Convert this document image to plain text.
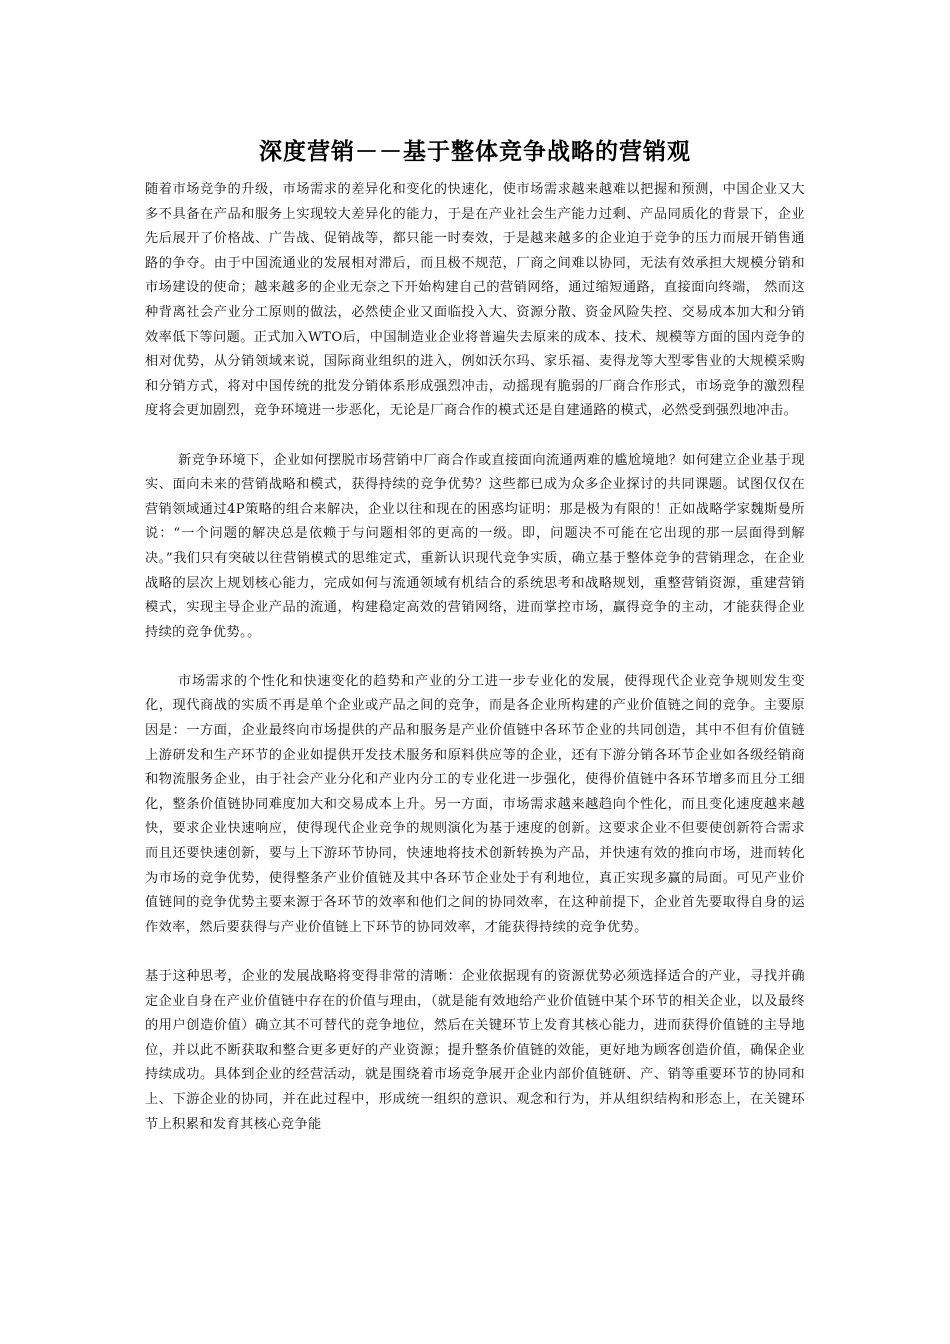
深度营销－－基于整体竞争战略的营销观

随着市场竞争的升级，市场需求的差异化和变化的快速化，使市场需求越来越难以把握和预测，中国企业又大多不具备在产品和服务上实现较大差异化的能力，于是在产业社会生产能力过剩、产品同质化的背景下，企业先后展开了价格战、广告战、促销战等，都只能一时奏效，于是越来越多的企业迫于竞争的压力而展开销售通路的争夺。由于中国流通业的发展相对滞后，而且极不规范，厂商之间难以协同，无法有效承担大规模分销和市场建设的使命；越来越多的企业无奈之下开始构建自己的营销网络，通过缩短通路，直接面向终端， 然而这种背离社会产业分工原则的做法，必然使企业又面临投入大、资源分散、资金风险失控、交易成本加大和分销效率低下等问题。正式加入WTO后，中国制造业企业将普遍失去原来的成本、技术、规模等方面的国内竞争的相对优势，从分销领域来说，国际商业组织的进入，例如沃尔玛、家乐福、麦得龙等大型零售业的大规模采购和分销方式，将对中国传统的批发分销体系形成强烈冲击，动摇现有脆弱的厂商合作形式，市场竞争的激烈程度将会更加剧烈，竞争环境进一步恶化，无论是厂商合作的模式还是自建通路的模式，必然受到强烈地冲击。

新竞争环境下，企业如何摆脱市场营销中厂商合作或直接面向流通两难的尴尬境地？如何建立企业基于现实、面向未来的营销战略和模式，获得持续的竞争优势？这些都已成为众多企业探讨的共同课题。试图仅仅在营销领域通过4P策略的组合来解决，企业以往和现在的困惑均证明：那是极为有限的！正如战略学家魏斯曼所说：“一个问题的解决总是依赖于与问题相邻的更高的一级。即，问题决不可能在它出现的那一层面得到解决。”我们只有突破以往营销模式的思维定式，重新认识现代竞争实质，确立基于整体竞争的营销理念，在企业战略的层次上规划核心能力，完成如何与流通领域有机结合的系统思考和战略规划，重整营销资源，重建营销模式，实现主导企业产品的流通，构建稳定高效的营销网络，进而掌控市场，赢得竞争的主动，才能获得企业持续的竞争优势。。

市场需求的个性化和快速变化的趋势和产业的分工进一步专业化的发展，使得现代企业竞争规则发生变化，现代商战的实质不再是单个企业或产品之间的竞争，而是各企业所构建的产业价值链之间的竞争。主要原因是：一方面，企业最终向市场提供的产品和服务是产业价值链中各环节企业的共同创造，其中不但有价值链上游研发和生产环节的企业如提供开发技术服务和原料供应等的企业，还有下游分销各环节企业如各级经销商和物流服务企业，由于社会产业分化和产业内分工的专业化进一步强化，使得价值链中各环节增多而且分工细化，整条价值链协同难度加大和交易成本上升。另一方面，市场需求越来越趋向个性化，而且变化速度越来越快，要求企业快速响应，使得现代企业竞争的规则演化为基于速度的创新。这要求企业不但要使创新符合需求而且还要快速创新，要与上下游环节协同，快速地将技术创新转换为产品，并快速有效的推向市场，进而转化为市场的竞争优势，使得整条产业价值链及其中各环节企业处于有利地位，真正实现多赢的局面。可见产业价值链间的竞争优势主要来源于各环节的效率和他们之间的协同效率，在这种前提下，企业首先要取得自身的运作效率，然后要获得与产业价值链上下环节的协同效率，才能获得持续的竞争优势。

基于这种思考，企业的发展战略将变得非常的清晰：企业依据现有的资源优势必须选择适合的产业，寻找并确定企业自身在产业价值链中存在的价值与理由，（就是能有效地给产业价值链中某个环节的相关企业，以及最终的用户创造价值）确立其不可替代的竞争地位，然后在关键环节上发育其核心能力，进而获得价值链的主导地位，并以此不断获取和整合更多更好的产业资源；提升整条价值链的效能，更好地为顾客创造价值，确保企业持续成功。具体到企业的经营活动，就是围绕着市场竞争展开企业内部价值链研、产、销等重要环节的协同和上、下游企业的协同，并在此过程中，形成统一组织的意识、观念和行为，并从组织结构和形态上，在关键环节上积累和发育其核心竞争能
